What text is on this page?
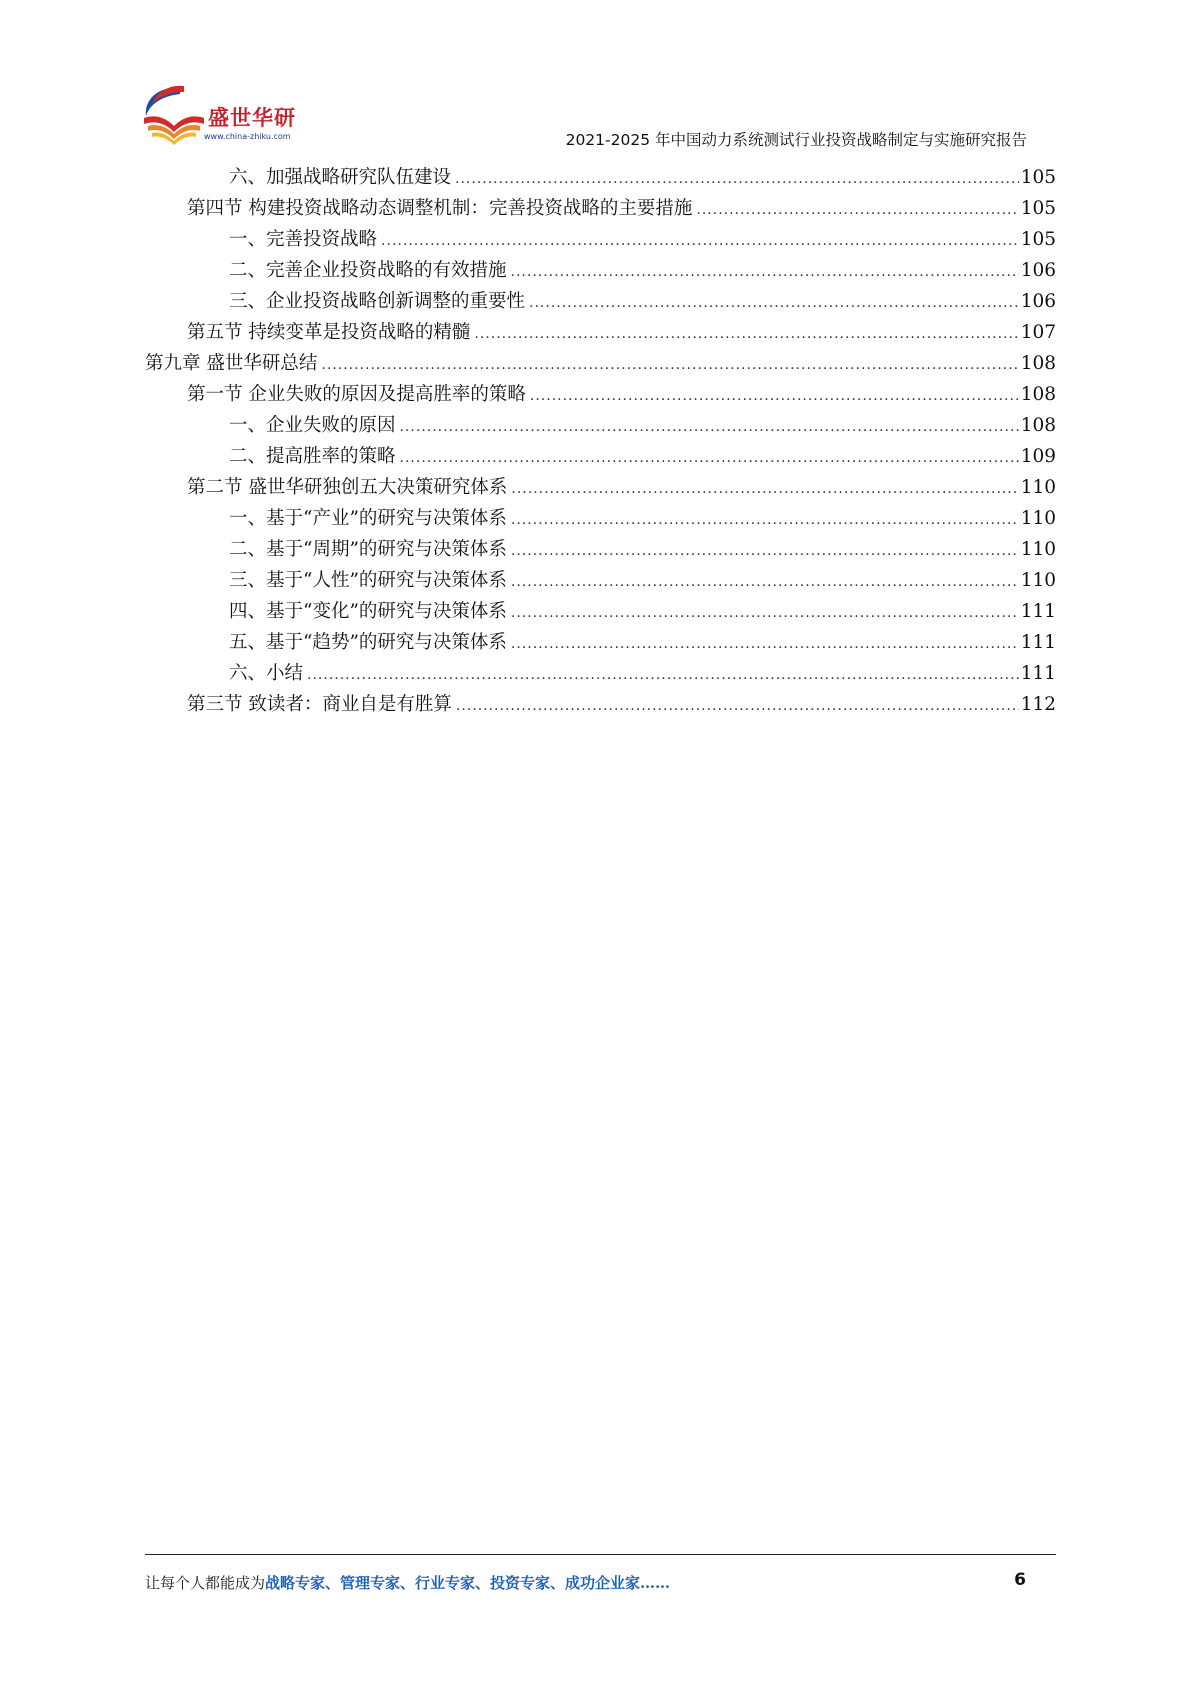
盛世华研
www.china-zhiku.com	2021-2025 年中国动力系统测试行业投资战略制定与实施研究报告
六、加强战略研究队伍建设 .....	105
第四节 构建投资战略动态调整机制：完善投资战略的主要措施 .....	105
一、完善投资战略 .....	105
二、完善企业投资战略的有效措施 .....	106
三、企业投资战略创新调整的重要性 .....	106
第五节 持续变革是投资战略的精髓 .....	107
第九章 盛世华研总结 .....	108
第一节 企业失败的原因及提高胜率的策略 .....	108
一、企业失败的原因 .....	108
二、提高胜率的策略 .....	109
第二节 盛世华研独创五大决策研究体系 .....	110
一、基于“产业”的研究与决策体系 .....	110
二、基于“周期”的研究与决策体系 .....	110
三、基于“人性”的研究与决策体系 .....	110
四、基于“变化”的研究与决策体系 .....	111
五、基于“趋势”的研究与决策体系 .....	111
六、小结 .....	111
第三节 致读者：商业自是有胜算 .....	112
让每个人都能成为战略专家、管理专家、行业专家、投资专家、成功企业家……	6
